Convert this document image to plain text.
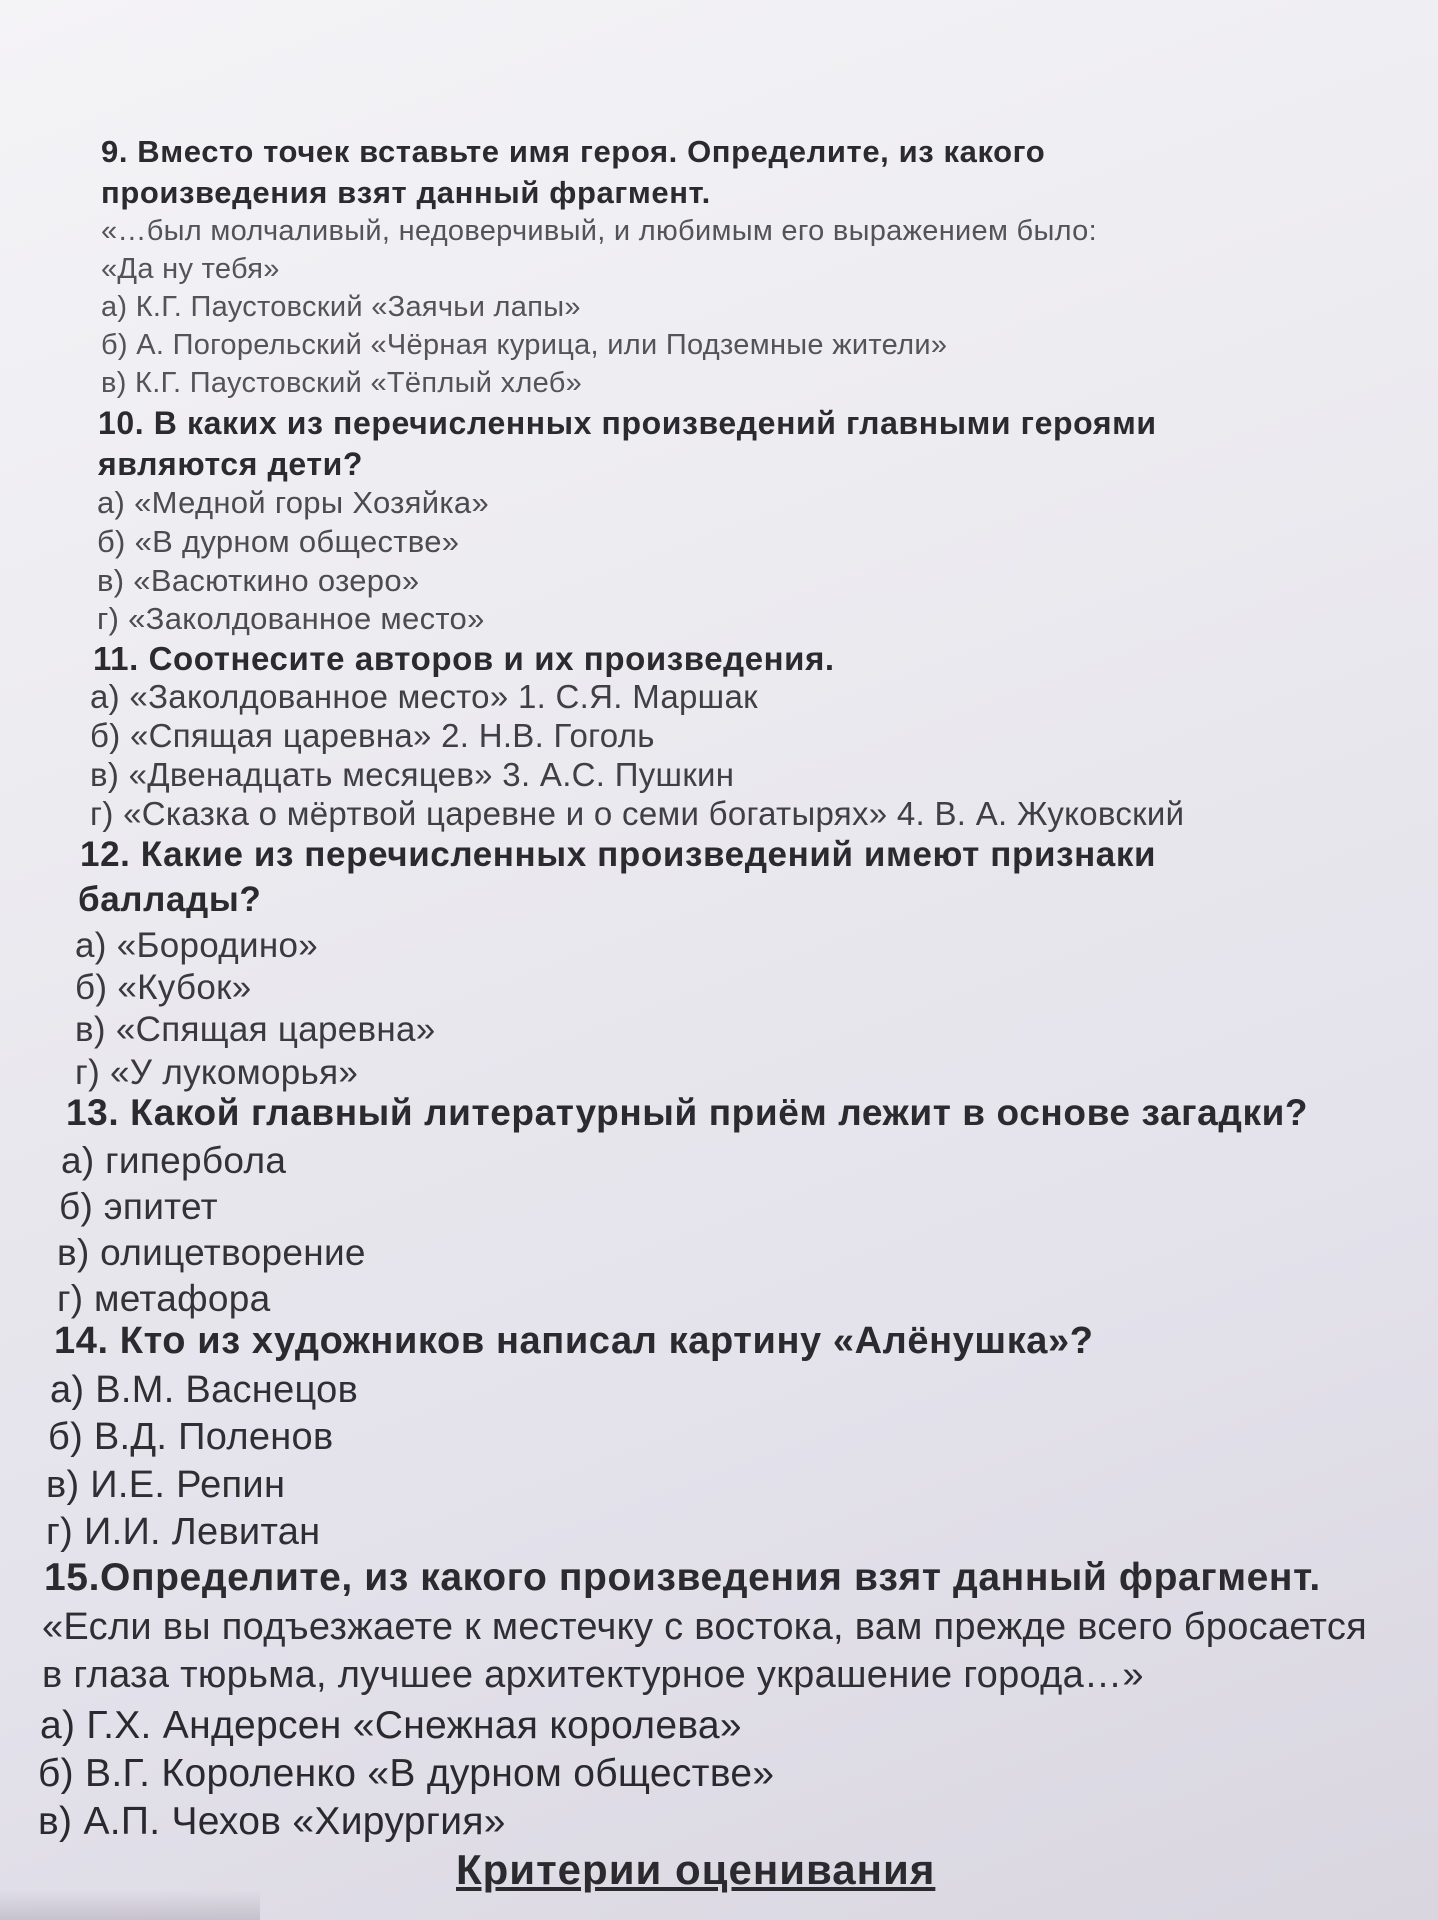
9. Вместо точек вставьте имя героя. Определите, из какого

произведения взят данный фрагмент.

«…был молчаливый, недоверчивый, и любимым его выражением было:

«Да ну тебя»

а) К.Г. Паустовский «Заячьи лапы»

б) А. Погорельский «Чёрная курица, или Подземные жители»

в) К.Г. Паустовский «Тёплый хлеб»

10. В каких из перечисленных произведений главными героями

являются дети?

а) «Медной горы Хозяйка»

б) «В дурном обществе»

в) «Васюткино озеро»

г) «Заколдованное место»

11. Соотнесите авторов и их произведения.

а) «Заколдованное место» 1. С.Я. Маршак

б) «Спящая царевна» 2. Н.В. Гоголь

в) «Двенадцать месяцев» 3. А.С. Пушкин

г) «Сказка о мёртвой царевне и о семи богатырях» 4. В. А. Жуковский

12. Какие из перечисленных произведений имеют признаки

баллады?

а) «Бородино»

б) «Кубок»

в) «Спящая царевна»

г) «У лукоморья»

13. Какой главный литературный приём лежит в основе загадки?

а) гипербола

б) эпитет

в) олицетворение

г) метафора

14. Кто из художников написал картину «Алёнушка»?

а) В.М. Васнецов

б) В.Д. Поленов

в) И.Е. Репин

г) И.И. Левитан

15.Определите, из какого произведения взят данный фрагмент.

«Если вы подъезжаете к местечку с востока, вам прежде всего бросается

в глаза тюрьма, лучшее архитектурное украшение города…»

а) Г.Х. Андерсен «Снежная королева»

б) В.Г. Короленко «В дурном обществе»

в) А.П. Чехов «Хирургия»

Критерии оценивания
